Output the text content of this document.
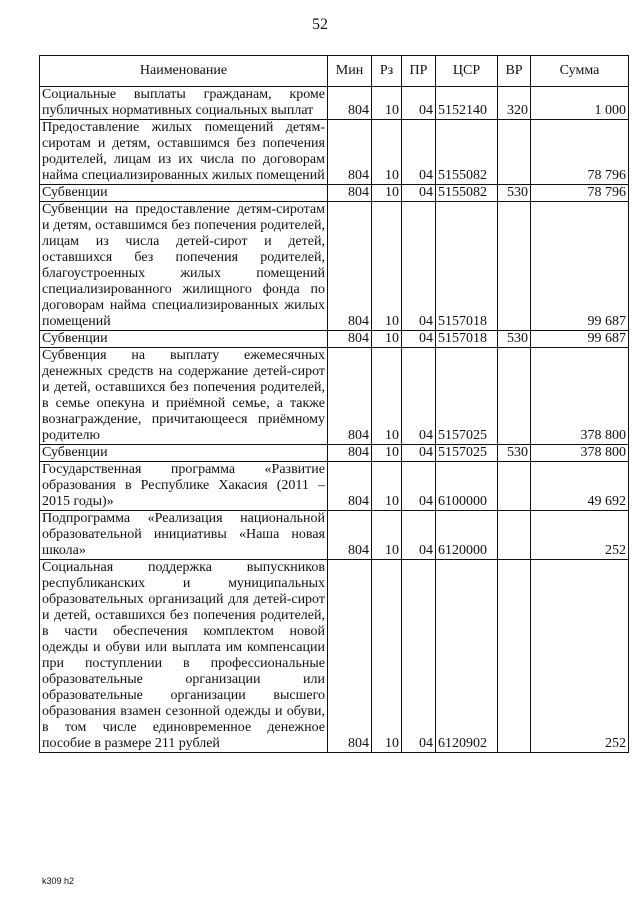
52
Наименование	Мин	Рз	ПР	ЦСР	ВР	Сумма
Социальные выплаты гражданам, кроме публичных нормативных социальных выплат	804	10	04	5152140	320	1 000
Предоставление жилых помещений детям-сиротам и детям, оставшимся без попечения родителей, лицам из их числа по договорам найма специализированных жилых помещений	804	10	04	5155082		78 796
Субвенции	804	10	04	5155082	530	78 796
Субвенции на предоставление детям-сиротам и детям, оставшимся без попечения родителей, лицам из числа детей-сирот и детей, оставшихся без попечения родителей, благоустроенных жилых помещений специализированного жилищного фонда по договорам найма специализированных жилых помещений	804	10	04	5157018		99 687
Субвенции	804	10	04	5157018	530	99 687
Субвенция на выплату ежемесячных денежных средств на содержание детей-сирот и детей, оставшихся без попечения родителей, в семье опекуна и приёмной семье, а также вознаграждение, причитающееся приёмному родителю	804	10	04	5157025		378 800
Субвенции	804	10	04	5157025	530	378 800
Государственная программа «Развитие образования в Республике Хакасия (2011 – 2015 годы)»	804	10	04	6100000		49 692
Подпрограмма «Реализация национальной образовательной инициативы «Наша новая школа»	804	10	04	6120000		252
Социальная поддержка выпускников республиканских и муниципальных образовательных организаций для детей-сирот и детей, оставшихся без попечения родителей, в части обеспечения комплектом новой одежды и обуви или выплата им компенсации при поступлении в профессиональные образовательные организации или образовательные организации высшего образования взамен сезонной одежды и обуви, в том числе единовременное денежное пособие в размере 211 рублей	804	10	04	6120902		252
k309 h2
